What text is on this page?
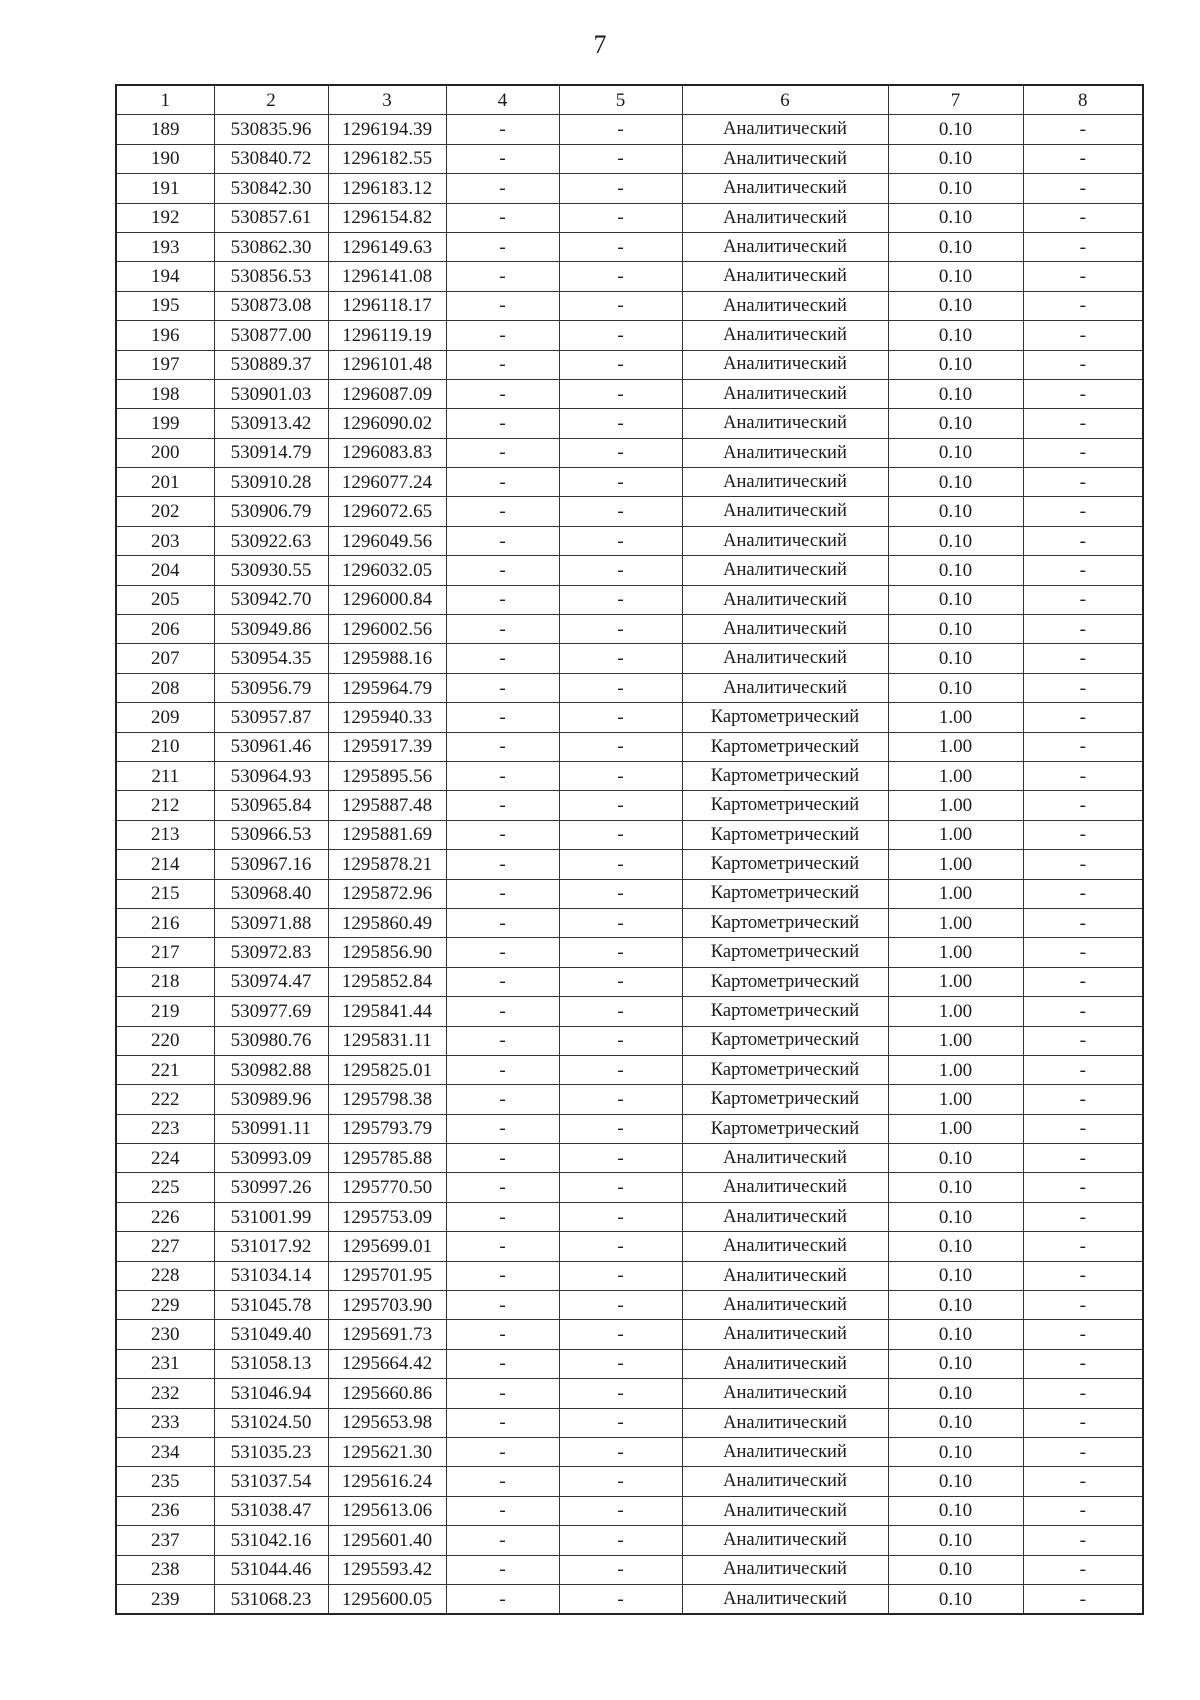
7
1	2	3	4	5	6	7	8
189	530835.96	1296194.39	-	-	Аналитический	0.10	-
190	530840.72	1296182.55	-	-	Аналитический	0.10	-
191	530842.30	1296183.12	-	-	Аналитический	0.10	-
192	530857.61	1296154.82	-	-	Аналитический	0.10	-
193	530862.30	1296149.63	-	-	Аналитический	0.10	-
194	530856.53	1296141.08	-	-	Аналитический	0.10	-
195	530873.08	1296118.17	-	-	Аналитический	0.10	-
196	530877.00	1296119.19	-	-	Аналитический	0.10	-
197	530889.37	1296101.48	-	-	Аналитический	0.10	-
198	530901.03	1296087.09	-	-	Аналитический	0.10	-
199	530913.42	1296090.02	-	-	Аналитический	0.10	-
200	530914.79	1296083.83	-	-	Аналитический	0.10	-
201	530910.28	1296077.24	-	-	Аналитический	0.10	-
202	530906.79	1296072.65	-	-	Аналитический	0.10	-
203	530922.63	1296049.56	-	-	Аналитический	0.10	-
204	530930.55	1296032.05	-	-	Аналитический	0.10	-
205	530942.70	1296000.84	-	-	Аналитический	0.10	-
206	530949.86	1296002.56	-	-	Аналитический	0.10	-
207	530954.35	1295988.16	-	-	Аналитический	0.10	-
208	530956.79	1295964.79	-	-	Аналитический	0.10	-
209	530957.87	1295940.33	-	-	Картометрический	1.00	-
210	530961.46	1295917.39	-	-	Картометрический	1.00	-
211	530964.93	1295895.56	-	-	Картометрический	1.00	-
212	530965.84	1295887.48	-	-	Картометрический	1.00	-
213	530966.53	1295881.69	-	-	Картометрический	1.00	-
214	530967.16	1295878.21	-	-	Картометрический	1.00	-
215	530968.40	1295872.96	-	-	Картометрический	1.00	-
216	530971.88	1295860.49	-	-	Картометрический	1.00	-
217	530972.83	1295856.90	-	-	Картометрический	1.00	-
218	530974.47	1295852.84	-	-	Картометрический	1.00	-
219	530977.69	1295841.44	-	-	Картометрический	1.00	-
220	530980.76	1295831.11	-	-	Картометрический	1.00	-
221	530982.88	1295825.01	-	-	Картометрический	1.00	-
222	530989.96	1295798.38	-	-	Картометрический	1.00	-
223	530991.11	1295793.79	-	-	Картометрический	1.00	-
224	530993.09	1295785.88	-	-	Аналитический	0.10	-
225	530997.26	1295770.50	-	-	Аналитический	0.10	-
226	531001.99	1295753.09	-	-	Аналитический	0.10	-
227	531017.92	1295699.01	-	-	Аналитический	0.10	-
228	531034.14	1295701.95	-	-	Аналитический	0.10	-
229	531045.78	1295703.90	-	-	Аналитический	0.10	-
230	531049.40	1295691.73	-	-	Аналитический	0.10	-
231	531058.13	1295664.42	-	-	Аналитический	0.10	-
232	531046.94	1295660.86	-	-	Аналитический	0.10	-
233	531024.50	1295653.98	-	-	Аналитический	0.10	-
234	531035.23	1295621.30	-	-	Аналитический	0.10	-
235	531037.54	1295616.24	-	-	Аналитический	0.10	-
236	531038.47	1295613.06	-	-	Аналитический	0.10	-
237	531042.16	1295601.40	-	-	Аналитический	0.10	-
238	531044.46	1295593.42	-	-	Аналитический	0.10	-
239	531068.23	1295600.05	-	-	Аналитический	0.10	-
